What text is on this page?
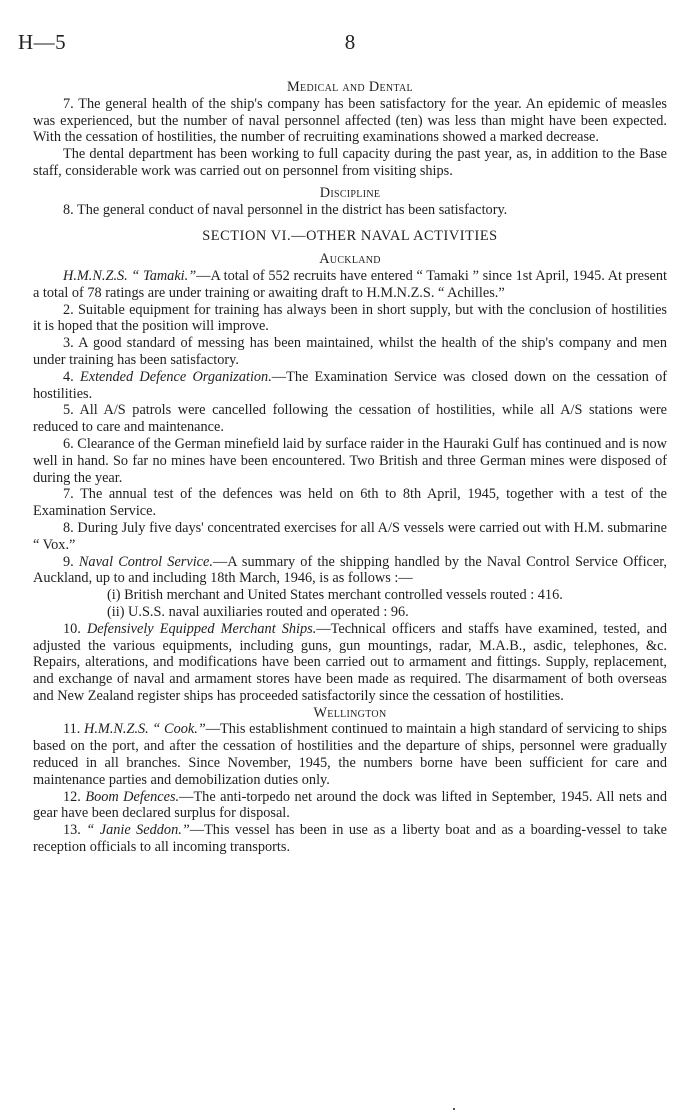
H—5	8
Medical and Dental

7. The general health of the ship's company has been satisfactory for the year. An epidemic of measles was experienced, but the number of naval personnel affected (ten) was less than might have been expected. With the cessation of hostilities, the number of recruiting examinations showed a marked decrease.

The dental department has been working to full capacity during the past year, as, in addition to the Base staff, considerable work was carried out on personnel from visiting ships.

Discipline

8. The general conduct of naval personnel in the district has been satisfactory.

SECTION VI.—OTHER NAVAL ACTIVITIES
Auckland

H.M.N.Z.S. “ Tamaki.”—A total of 552 recruits have entered “ Tamaki ” since 1st April, 1945. At present a total of 78 ratings are under training or awaiting draft to H.M.N.Z.S. “ Achilles.”

2. Suitable equipment for training has always been in short supply, but with the conclusion of hostilities it is hoped that the position will improve.

3. A good standard of messing has been maintained, whilst the health of the ship's company and men under training has been satisfactory.

4. Extended Defence Organization.—The Examination Service was closed down on the cessation of hostilities.

5. All A/S patrols were cancelled following the cessation of hostilities, while all A/S stations were reduced to care and maintenance.

6. Clearance of the German minefield laid by surface raider in the Hauraki Gulf has continued and is now well in hand. So far no mines have been encountered. Two British and three German mines were disposed of during the year.

7. The annual test of the defences was held on 6th to 8th April, 1945, together with a test of the Examination Service.

8. During July five days' concentrated exercises for all A/S vessels were carried out with H.M. submarine “ Vox.”

9. Naval Control Service.—A summary of the shipping handled by the Naval Control Service Officer, Auckland, up to and including 18th March, 1946, is as follows :—

(i) British merchant and United States merchant controlled vessels routed : 416.

(ii) U.S.S. naval auxiliaries routed and operated : 96.

10. Defensively Equipped Merchant Ships.—Technical officers and staffs have examined, tested, and adjusted the various equipments, including guns, gun mountings, radar, M.A.B., asdic, telephones, &c. Repairs, alterations, and modifications have been carried out to armament and fittings. Supply, replacement, and exchange of naval and armament stores have been made as required. The disarmament of both overseas and New Zealand register ships has proceeded satisfactorily since the cessation of hostilities.

Wellington

11. H.M.N.Z.S. “ Cook.”—This establishment continued to maintain a high standard of servicing to ships based on the port, and after the cessation of hostilities and the departure of ships, personnel were gradually reduced in all branches. Since November, 1945, the numbers borne have been sufficient for care and maintenance parties and demobilization duties only.

12. Boom Defences.—The anti-torpedo net around the dock was lifted in September, 1945. All nets and gear have been declared surplus for disposal.

13. “ Janie Seddon.”—This vessel has been in use as a liberty boat and as a boarding-vessel to take reception officials to all incoming transports.
